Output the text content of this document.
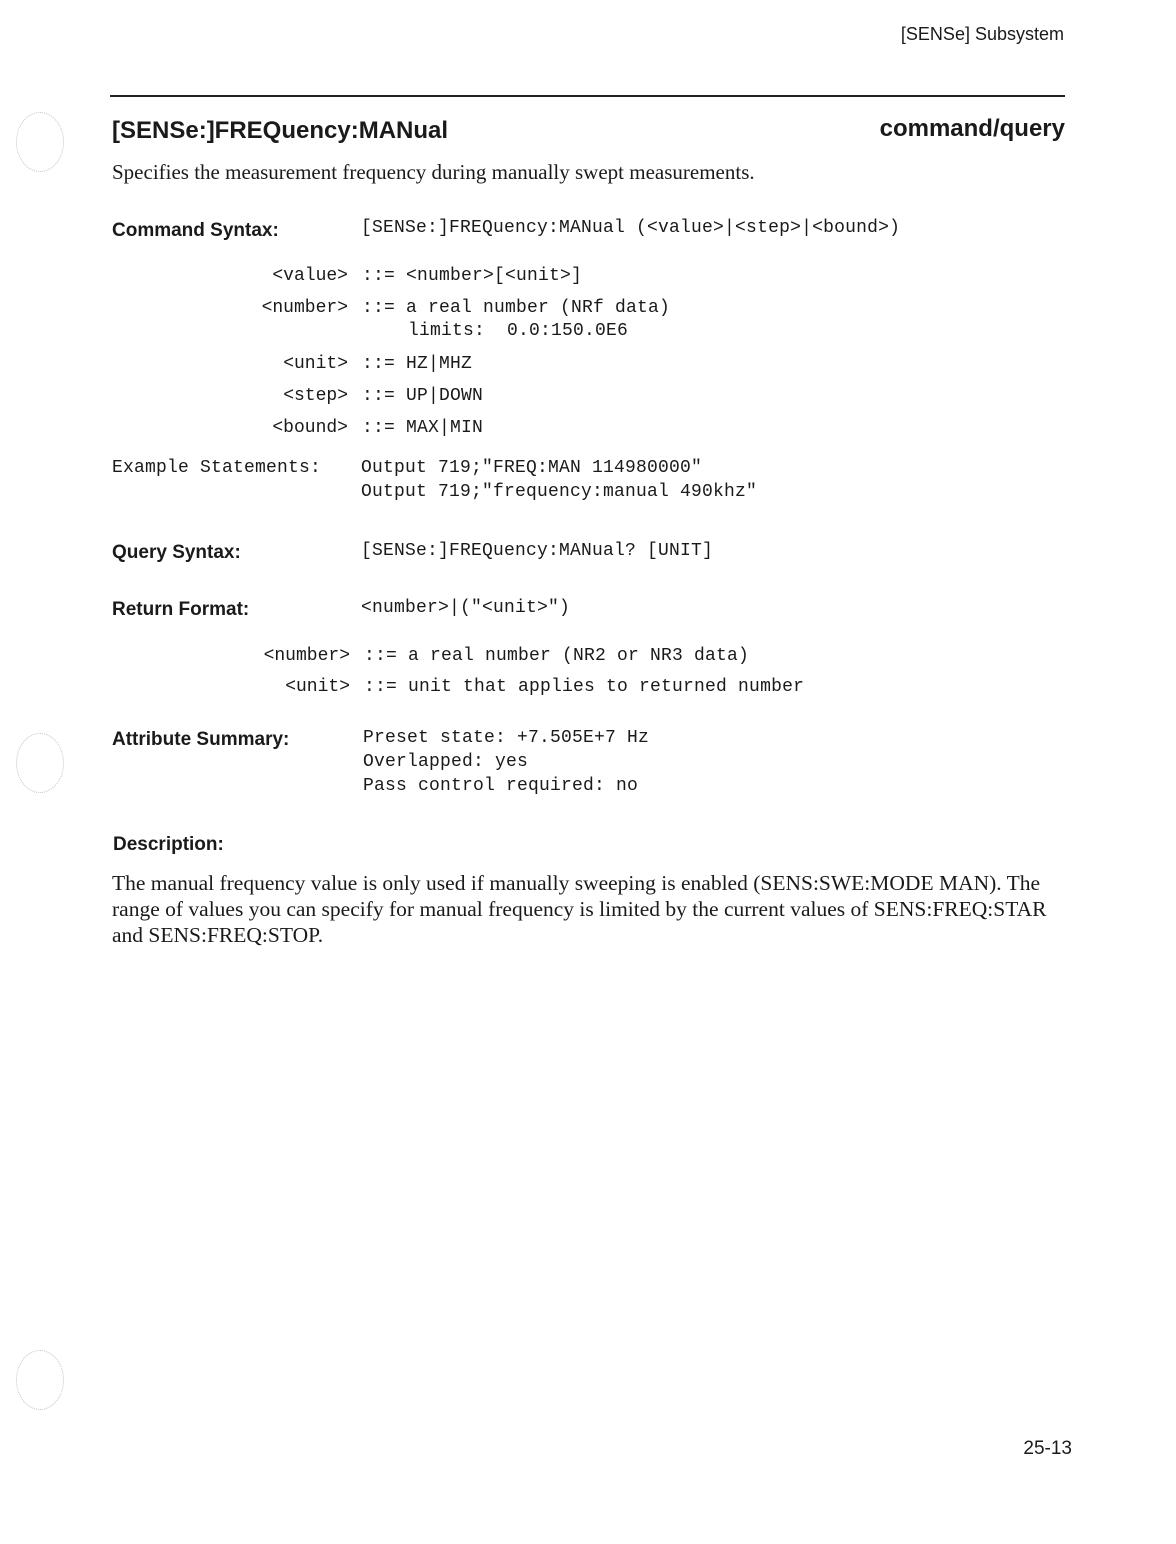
[SENSe] Subsystem
[SENSe:]FREQuency:MANual	command/query
Specifies the measurement frequency during manually swept measurements.
Command Syntax:	[SENSe:]FREQuency:MANual (<value>|<step>|<bound>)
<value> ::= <number>[<unit>]
<number> ::= a real number (NRf data)
limits:  0.0:150.0E6
<unit> ::= HZ|MHZ
<step> ::= UP|DOWN
<bound> ::= MAX|MIN
Example Statements: Output 719;"FREQ:MAN 114980000"
Output 719;"frequency:manual 490khz"
Query Syntax:	[SENSe:]FREQuency:MANual? [UNIT]
Return Format:	<number>|("<unit>")
<number> ::= a real number (NR2 or NR3 data)
<unit> ::= unit that applies to returned number
Attribute Summary:	Preset state: +7.505E+7 Hz
Overlapped: yes
Pass control required: no
Description:
The manual frequency value is only used if manually sweeping is enabled (SENS:SWE:MODE MAN). The range of values you can specify for manual frequency is limited by the current values of SENS:FREQ:STAR and SENS:FREQ:STOP.
25-13
